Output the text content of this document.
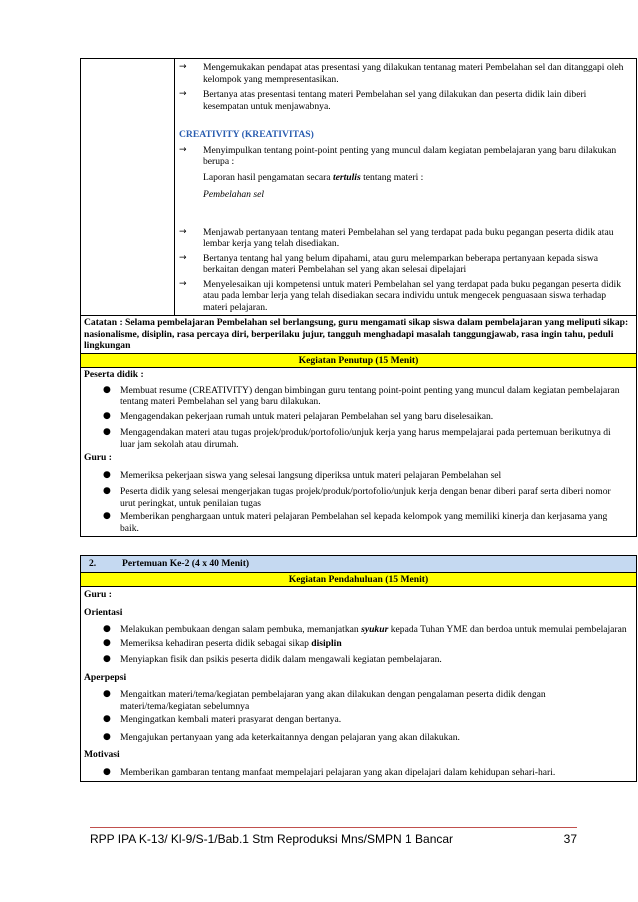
→ Mengemukakan pendapat atas presentasi yang dilakukan tentanag materi Pembelahan sel dan ditanggapi oleh kelompok yang mempresentasikan.
→ Bertanya atas presentasi tentang materi Pembelahan sel yang dilakukan dan peserta didik lain diberi kesempatan untuk menjawabnya.
CREATIVITY (KREATIVITAS)
→ Menyimpulkan tentang point-point penting yang muncul dalam kegiatan pembelajaran yang baru dilakukan berupa :
Laporan hasil pengamatan secara tertulis tentang materi :
Pembelahan sel
→ Menjawab pertanyaan tentang materi Pembelahan sel yang terdapat pada buku pegangan peserta didik atau lembar kerja yang telah disediakan.
→ Bertanya tentang hal yang belum dipahami, atau guru melemparkan beberapa pertanyaan kepada siswa berkaitan dengan materi Pembelahan sel yang akan selesai dipelajari
→ Menyelesaikan uji kompetensi untuk materi Pembelahan sel yang terdapat pada buku pegangan peserta didik atau pada lembar lerja yang telah disediakan secara individu untuk mengecek penguasaan siswa terhadap materi pelajaran.

Catatan : Selama pembelajaran Pembelahan sel berlangsung, guru mengamati sikap siswa dalam pembelajaran yang meliputi sikap: nasionalisme, disiplin, rasa percaya diri, berperilaku jujur, tangguh menghadapi masalah tanggungjawab, rasa ingin tahu, peduli lingkungan
Kegiatan Penutup (15 Menit)

Peserta didik :
● Membuat resume (CREATIVITY) dengan bimbingan guru tentang point-point penting yang muncul dalam kegiatan pembelajaran tentang materi Pembelahan sel yang baru dilakukan.
● Mengagendakan pekerjaan rumah untuk materi pelajaran Pembelahan sel yang baru diselesaikan.
● Mengagendakan materi atau tugas projek/produk/portofolio/unjuk kerja yang harus mempelajarai pada pertemuan berikutnya di luar jam sekolah atau dirumah.
Guru :
● Memeriksa pekerjaan siswa yang selesai langsung diperiksa untuk materi pelajaran Pembelahan sel
● Peserta didik yang selesai mengerjakan tugas projek/produk/portofolio/unjuk kerja dengan benar diberi paraf serta diberi nomor urut peringkat, untuk penilaian tugas
● Memberikan penghargaan untuk materi pelajaran Pembelahan sel kepada kelompok yang memiliki kinerja dan kerjasama yang baik.
2.	Pertemuan Ke-2 (4 x 40 Menit)
Kegiatan Pendahuluan (15 Menit)

Guru :
Orientasi
● Melakukan pembukaan dengan salam pembuka, memanjatkan syukur kepada Tuhan YME dan berdoa untuk memulai pembelajaran
● Memeriksa kehadiran peserta didik sebagai sikap disiplin
● Menyiapkan fisik dan psikis peserta didik dalam mengawali kegiatan pembelajaran.
Aperpepsi
● Mengaitkan materi/tema/kegiatan pembelajaran yang akan dilakukan dengan pengalaman peserta didik dengan materi/tema/kegiatan sebelumnya
● Mengingatkan kembali materi prasyarat dengan bertanya.
● Mengajukan pertanyaan yang ada keterkaitannya dengan pelajaran yang akan dilakukan.
Motivasi
● Memberikan gambaran tentang manfaat mempelajari pelajaran yang akan dipelajari dalam kehidupan sehari-hari.
RPP IPA K-13/ Kl-9/S-1/Bab.1 Stm Reproduksi Mns/SMPN 1 Bancar	37
